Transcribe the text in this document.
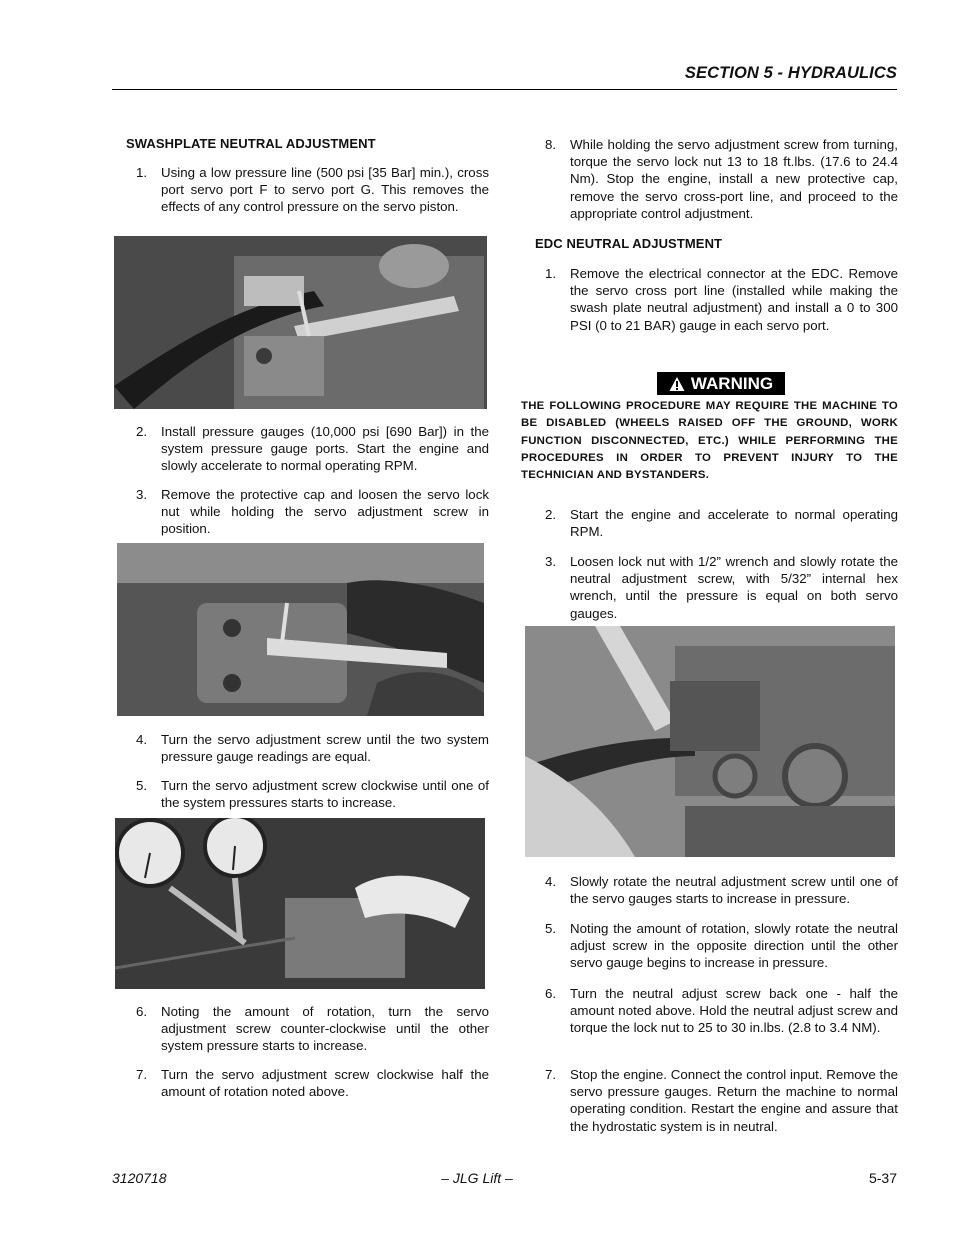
SECTION 5 - HYDRAULICS
SWASHPLATE NEUTRAL ADJUSTMENT
1. Using a low pressure line (500 psi [35 Bar] min.), cross port servo port F to servo port G. This removes the effects of any control pressure on the servo piston.
2. Install pressure gauges (10,000 psi [690 Bar]) in the system pressure gauge ports. Start the engine and slowly accelerate to normal operating RPM.
3. Remove the protective cap and loosen the servo lock nut while holding the servo adjustment screw in position.
4. Turn the servo adjustment screw until the two system pressure gauge readings are equal.
5. Turn the servo adjustment screw clockwise until one of the system pressures starts to increase.
6. Noting the amount of rotation, turn the servo adjustment screw counter-clockwise until the other system pressure starts to increase.
7. Turn the servo adjustment screw clockwise half the amount of rotation noted above.
8. While holding the servo adjustment screw from turning, torque the servo lock nut 13 to 18 ft.lbs. (17.6 to 24.4 Nm). Stop the engine, install a new protective cap, remove the servo cross-port line, and proceed to the appropriate control adjustment.
EDC NEUTRAL ADJUSTMENT
1. Remove the electrical connector at the EDC. Remove the servo cross port line (installed while making the swash plate neutral adjustment) and install a 0 to 300 PSI (0 to 21 BAR) gauge in each servo port.
WARNING
THE FOLLOWING PROCEDURE MAY REQUIRE THE MACHINE TO BE DISABLED (WHEELS RAISED OFF THE GROUND, WORK FUNCTION DISCONNECTED, ETC.) WHILE PERFORMING THE PROCEDURES IN ORDER TO PREVENT INJURY TO THE TECHNICIAN AND BYSTANDERS.
2. Start the engine and accelerate to normal operating RPM.
3. Loosen lock nut with 1/2” wrench and slowly rotate the neutral adjustment screw, with 5/32” internal hex wrench, until the pressure is equal on both servo gauges.
4. Slowly rotate the neutral adjustment screw until one of the servo gauges starts to increase in pressure.
5. Noting the amount of rotation, slowly rotate the neutral adjust screw in the opposite direction until the other servo gauge begins to increase in pressure.
6. Turn the neutral adjust screw back one - half the amount noted above. Hold the neutral adjust screw and torque the lock nut to 25 to 30 in.lbs. (2.8 to 3.4 NM).
7. Stop the engine. Connect the control input. Remove the servo pressure gauges. Return the machine to normal operating condition. Restart the engine and assure that the hydrostatic system is in neutral.
3120718	– JLG Lift –	5-37
